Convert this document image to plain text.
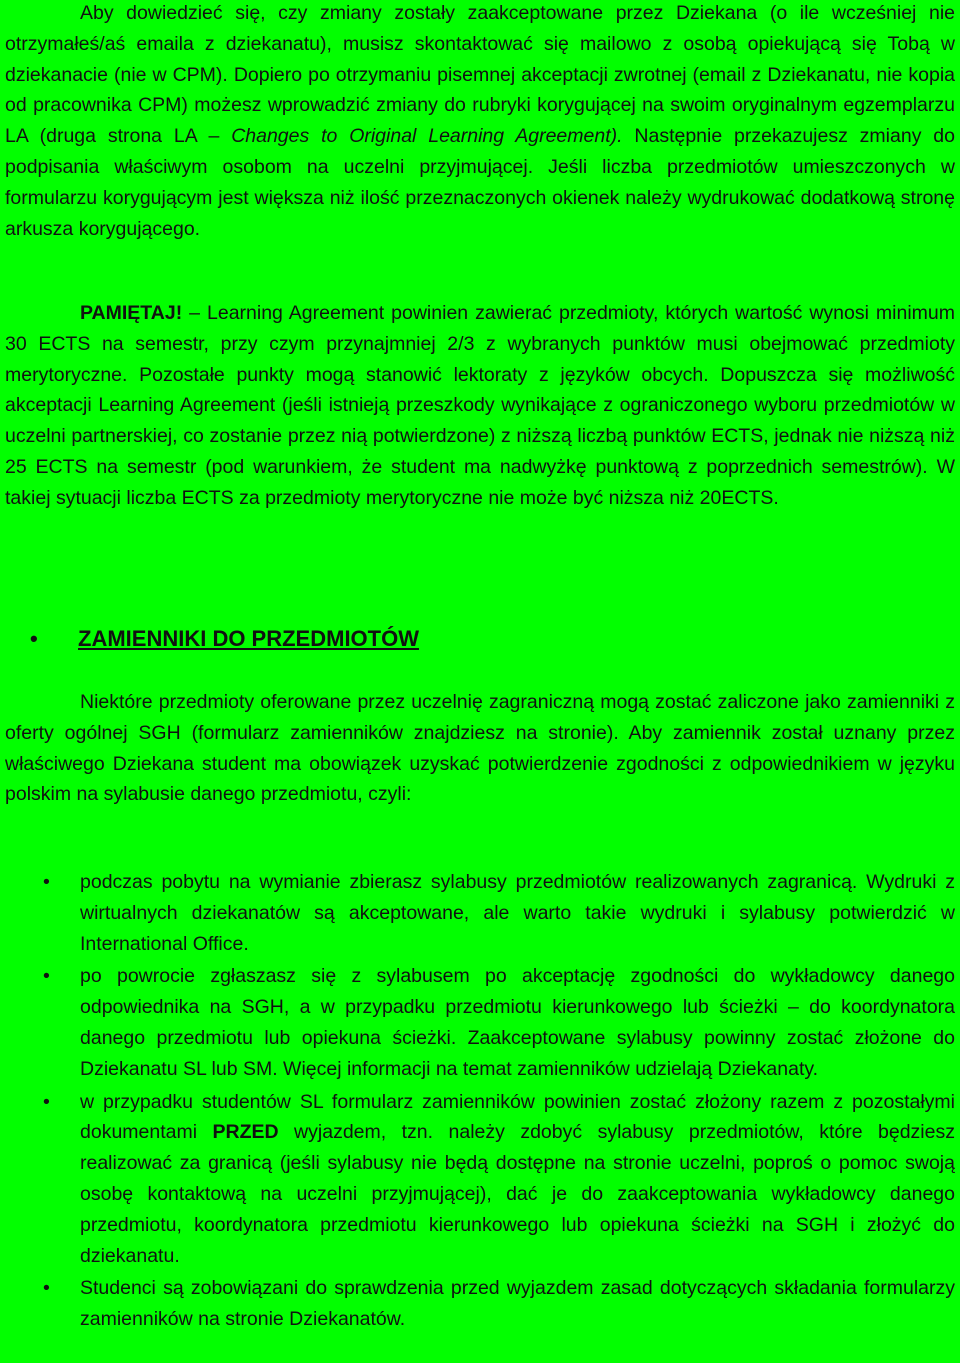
Aby dowiedzieć się, czy zmiany zostały zaakceptowane przez Dziekana (o ile wcześniej nie otrzymałeś/aś emaila z dziekanatu), musisz skontaktować się mailowo z osobą opiekującą się Tobą w dziekanacie (nie w CPM). Dopiero po otrzymaniu pisemnej akceptacji zwrotnej (email z Dziekanatu, nie kopia od pracownika CPM) możesz wprowadzić zmiany do rubryki korygującej na swoim oryginalnym egzemplarzu LA (druga strona LA – Changes to Original Learning Agreement). Następnie przekazujesz zmiany do podpisania właściwym osobom na uczelni przyjmującej. Jeśli liczba przedmiotów umieszczonych w formularzu korygującym jest większa niż ilość przeznaczonych okienek należy wydrukować dodatkową stronę arkusza korygującego.

PAMIĘTAJ! – Learning Agreement powinien zawierać przedmioty, których wartość wynosi minimum 30 ECTS na semestr, przy czym przynajmniej 2/3 z wybranych punktów musi obejmować przedmioty merytoryczne. Pozostałe punkty mogą stanowić lektoraty z języków obcych. Dopuszcza się możliwość akceptacji Learning Agreement (jeśli istnieją przeszkody wynikające z ograniczonego wyboru przedmiotów w uczelni partnerskiej, co zostanie przez nią potwierdzone) z niższą liczbą punktów ECTS, jednak nie niższą niż 25 ECTS na semestr (pod warunkiem, że student ma nadwyżkę punktową z poprzednich semestrów). W takiej sytuacji liczba ECTS za przedmioty merytoryczne nie może być niższa niż 20ECTS.

• ZAMIENNIKI DO PRZEDMIOTÓW

Niektóre przedmioty oferowane przez uczelnię zagraniczną mogą zostać zaliczone jako zamienniki z oferty ogólnej SGH (formularz zamienników znajdziesz na stronie). Aby zamiennik został uznany przez właściwego Dziekana student ma obowiązek uzyskać potwierdzenie zgodności z odpowiednikiem w języku polskim na sylabusie danego przedmiotu, czyli:

• podczas pobytu na wymianie zbierasz sylabusy przedmiotów realizowanych zagranicą. Wydruki z wirtualnych dziekanatów są akceptowane, ale warto takie wydruki i sylabusy potwierdzić w International Office.
• po powrocie zgłaszasz się z sylabusem po akceptację zgodności do wykładowcy danego odpowiednika na SGH, a w przypadku przedmiotu kierunkowego lub ścieżki – do koordynatora danego przedmiotu lub opiekuna ścieżki. Zaakceptowane sylabusy powinny zostać złożone do Dziekanatu SL lub SM. Więcej informacji na temat zamienników udzielają Dziekanaty.
• w przypadku studentów SL formularz zamienników powinien zostać złożony razem z pozostałymi dokumentami PRZED wyjazdem, tzn. należy zdobyć sylabusy przedmiotów, które będziesz realizować za granicą (jeśli sylabusy nie będą dostępne na stronie uczelni, poproś o pomoc swoją osobę kontaktową na uczelni przyjmującej), dać je do zaakceptowania wykładowcy danego przedmiotu, koordynatora przedmiotu kierunkowego lub opiekuna ścieżki na SGH i złożyć do dziekanatu.
• Studenci są zobowiązani do sprawdzenia przed wyjazdem zasad dotyczących składania formularzy zamienników na stronie Dziekanatów.
